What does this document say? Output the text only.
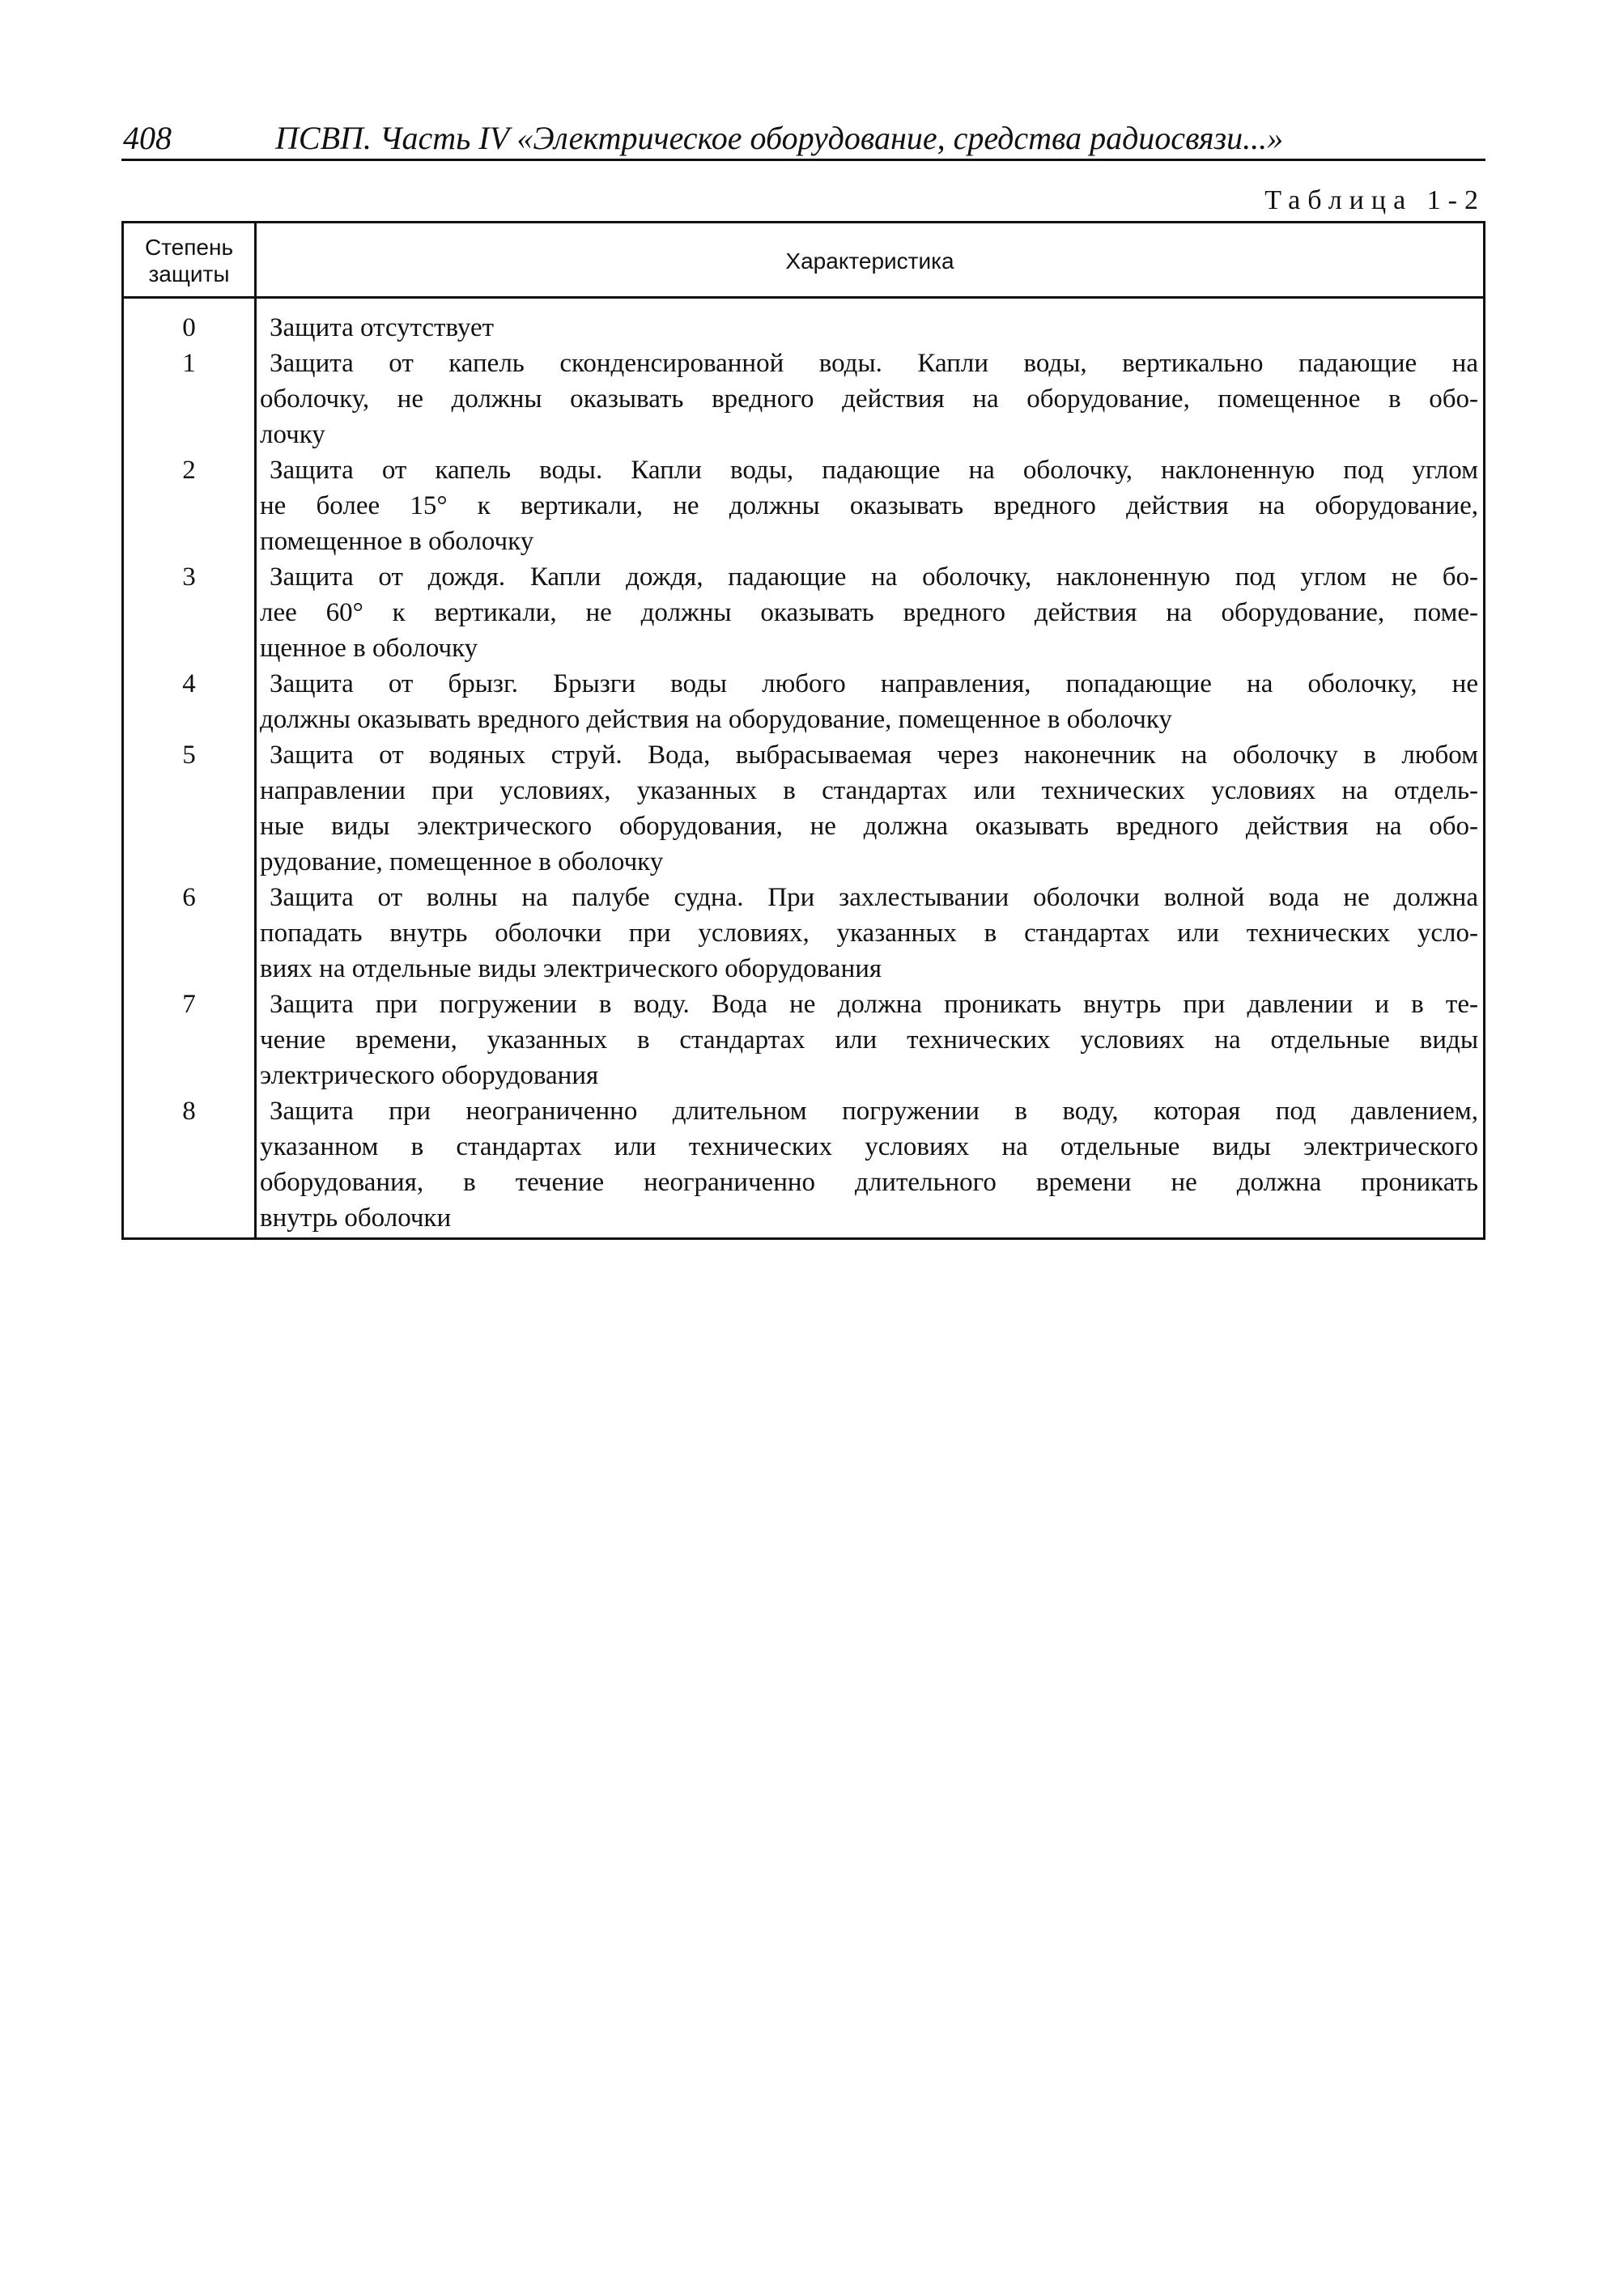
408	ПСВП. Часть IV «Электрическое оборудование, средства радиосвязи...»
Таблица 1-2
Степень
защиты	Характеристика
0	Защита отсутствует

1	Защита от капель сконденсированной воды. Капли воды, вертикально падающие на
оболочку, не должны оказывать вредного действия на оборудование, помещенное в обо-
лочку

2	Защита от капель воды. Капли воды, падающие на оболочку, наклоненную под углом
не более 15° к вертикали, не должны оказывать вредного действия на оборудование,
помещенное в оболочку

3	Защита от дождя. Капли дождя, падающие на оболочку, наклоненную под углом не бо-
лее 60° к вертикали, не должны оказывать вредного действия на оборудование, поме-
щенное в оболочку

4	Защита от брызг. Брызги воды любого направления, попадающие на оболочку, не
должны оказывать вредного действия на оборудование, помещенное в оболочку

5	Защита от водяных струй. Вода, выбрасываемая через наконечник на оболочку в любом
направлении при условиях, указанных в стандартах или технических условиях на отдель-
ные виды электрического оборудования, не должна оказывать вредного действия на обо-
рудование, помещенное в оболочку

6	Защита от волны на палубе судна. При захлестывании оболочки волной вода не должна
попадать внутрь оболочки при условиях, указанных в стандартах или технических усло-
виях на отдельные виды электрического оборудования

7	Защита при погружении в воду. Вода не должна проникать внутрь при давлении и в те-
чение времени, указанных в стандартах или технических условиях на отдельные виды
электрического оборудования

8	Защита при неограниченно длительном погружении в воду, которая под давлением,
указанном в стандартах или технических условиях на отдельные виды электрического
оборудования, в течение неограниченно длительного времени не должна проникать
внутрь оболочки
